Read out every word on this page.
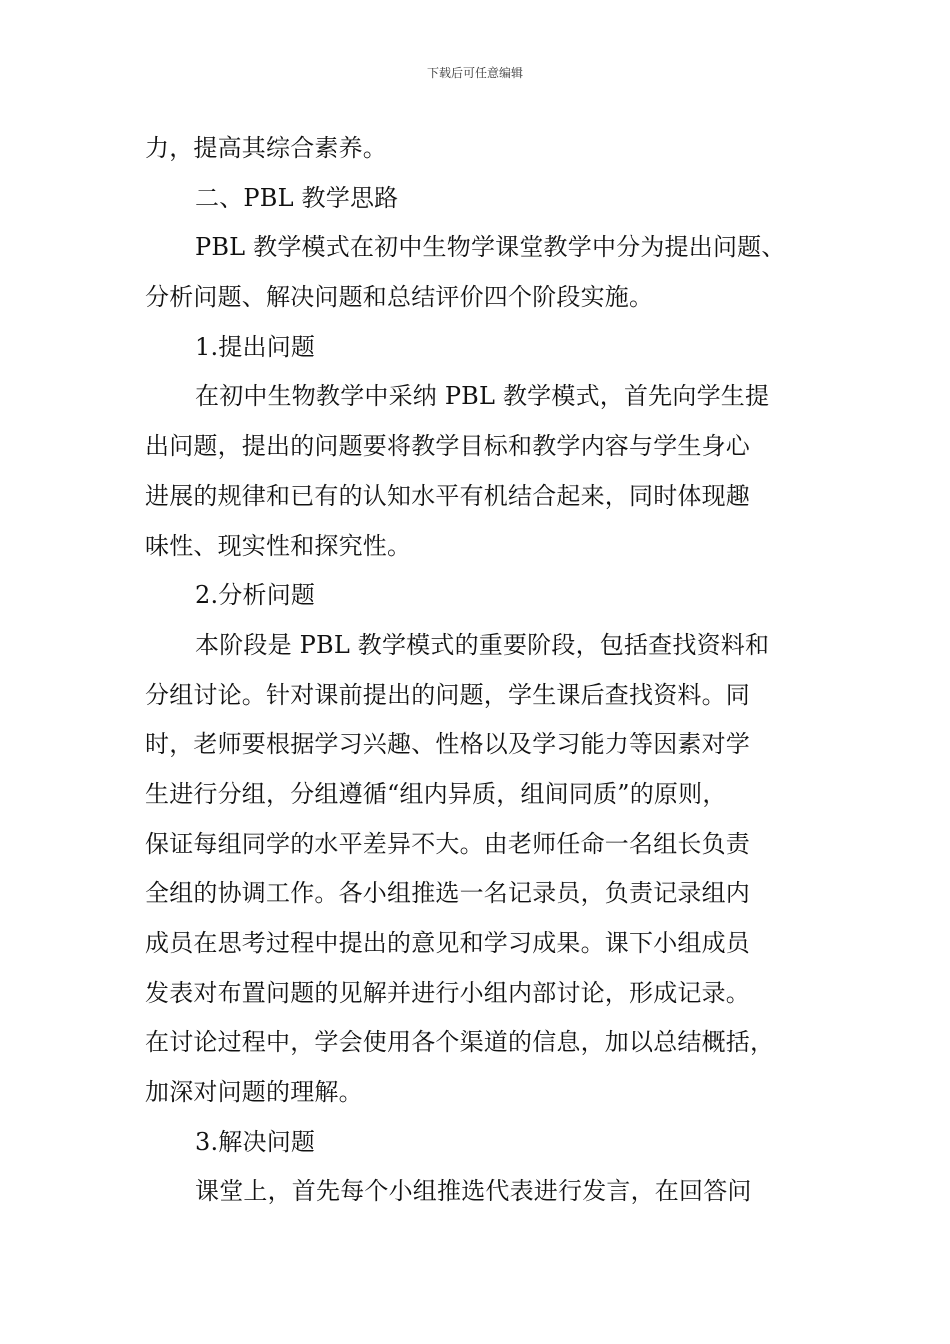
下载后可任意编辑
力，提高其综合素养。
二、PBL 教学思路
PBL 教学模式在初中生物学课堂教学中分为提出问题、
分析问题、解决问题和总结评价四个阶段实施。
1.提出问题
在初中生物教学中采纳 PBL 教学模式，首先向学生提
出问题，提出的问题要将教学目标和教学内容与学生身心
进展的规律和已有的认知水平有机结合起来，同时体现趣
味性、现实性和探究性。
2.分析问题
本阶段是 PBL 教学模式的重要阶段，包括查找资料和
分组讨论。针对课前提出的问题，学生课后查找资料。同
时，老师要根据学习兴趣、性格以及学习能力等因素对学
生进行分组，分组遵循“组内异质，组间同质”的原则，
保证每组同学的水平差异不大。由老师任命一名组长负责
全组的协调工作。各小组推选一名记录员，负责记录组内
成员在思考过程中提出的意见和学习成果。课下小组成员
发表对布置问题的见解并进行小组内部讨论，形成记录。
在讨论过程中，学会使用各个渠道的信息，加以总结概括，
加深对问题的理解。
3.解决问题
课堂上，首先每个小组推选代表进行发言，在回答问
